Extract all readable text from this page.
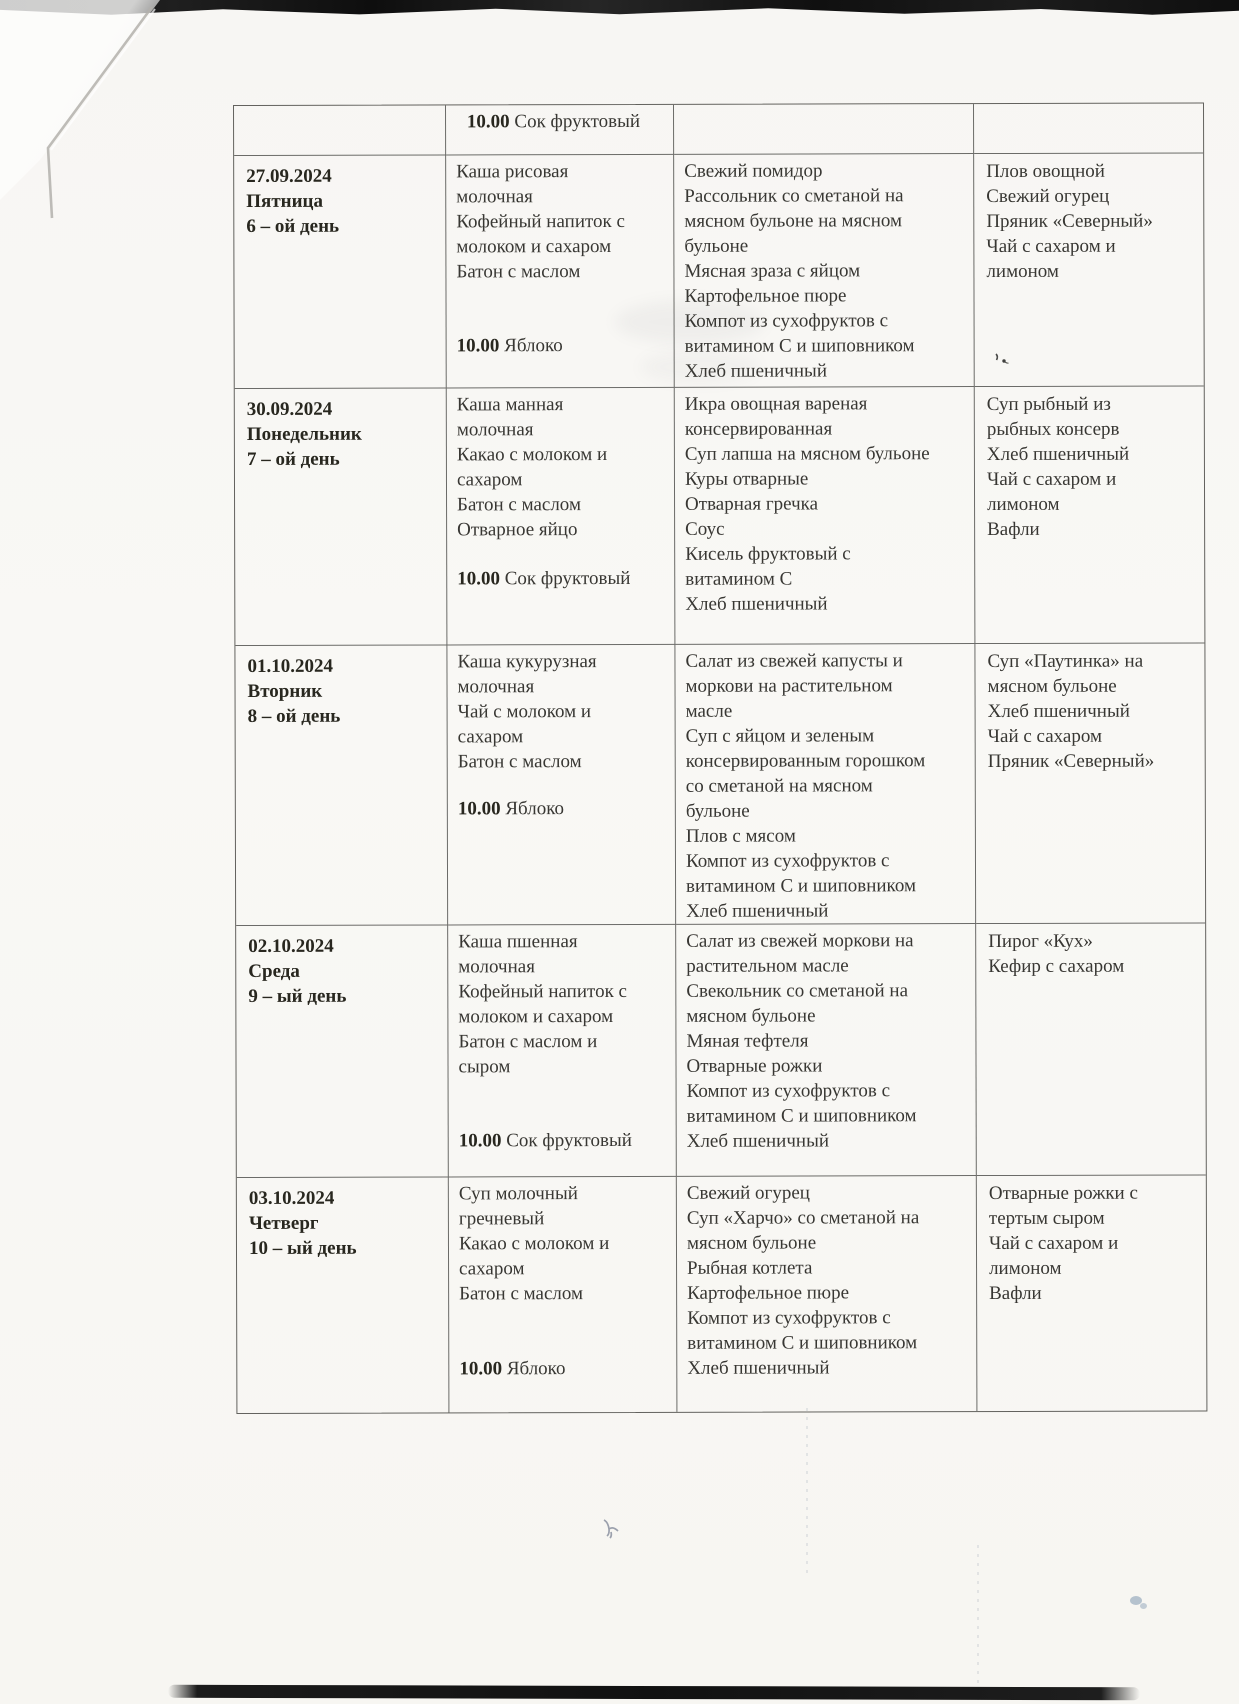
10.00 Сок фруктовый
27.09.2024
Пятница
6 – ой день
Каша рисовая молочная
Кофейный напиток с молоком и сахаром
Батон с маслом
10.00 Яблоко
Свежий помидор
Рассольник со сметаной на мясном бульоне на мясном бульоне
Мясная зраза с яйцом
Картофельное пюре
Компот из сухофруктов с витамином С и шиповником
Хлеб пшеничный
Плов овощной
Свежий огурец
Пряник «Северный»
Чай с сахаром и лимоном
30.09.2024
Понедельник
7 – ой день
Каша манная молочная
Какао с молоком и сахаром
Батон с маслом
Отварное яйцо
10.00 Сок фруктовый
Икра овощная вареная консервированная
Суп лапша на мясном бульоне
Куры отварные
Отварная гречка
Соус
Кисель фруктовый с витамином С
Хлеб пшеничный
Суп рыбный из рыбных консерв
Хлеб пшеничный
Чай с сахаром и лимоном
Вафли
01.10.2024
Вторник
8 – ой день
Каша кукурузная молочная
Чай с молоком и сахаром
Батон с маслом
10.00 Яблоко
Салат из свежей капусты и моркови на растительном масле
Суп с яйцом и зеленым консервированным горошком со сметаной на мясном бульоне
Плов с мясом
Компот из сухофруктов с витамином С и шиповником
Хлеб пшеничный
Суп «Паутинка» на мясном бульоне
Хлеб пшеничный
Чай с сахаром
Пряник «Северный»
02.10.2024
Среда
9 – ый день
Каша пшенная молочная
Кофейный напиток с молоком и сахаром
Батон с маслом и сыром
10.00 Сок фруктовый
Салат из свежей моркови на растительном масле
Свекольник со сметаной на мясном бульоне
Мяная тефтеля
Отварные рожки
Компот из сухофруктов с витамином С и шиповником
Хлеб пшеничный
Пирог «Кух»
Кефир с сахаром
03.10.2024
Четверг
10 – ый день
Суп молочный гречневый
Какао с молоком и сахаром
Батон с маслом
10.00 Яблоко
Свежий огурец
Суп «Харчо» со сметаной на мясном бульоне
Рыбная котлета
Картофельное пюре
Компот из сухофруктов с витамином С и шиповником
Хлеб пшеничный
Отварные рожки с тертым сыром
Чай с сахаром и лимоном
Вафли
